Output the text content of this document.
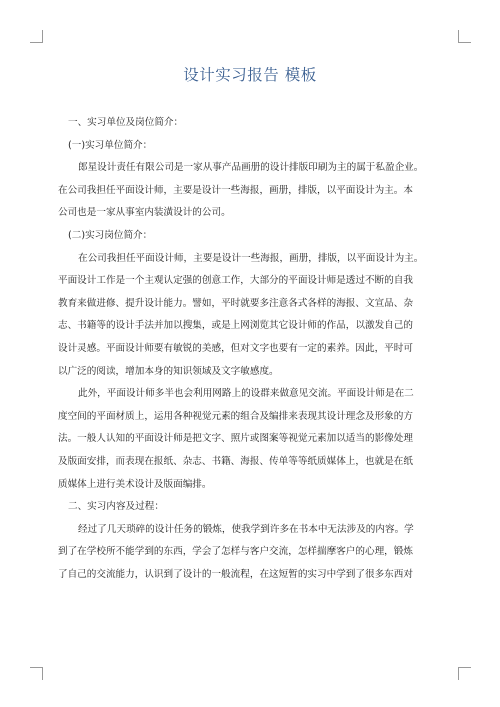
设计实习报告 模板
一、实习单位及岗位简介：
(一)实习单位简介：
郎星设计责任有限公司是一家从事产品画册的设计排版印刷为主的属于私盈企业。
在公司我担任平面设计师，主要是设计一些海报，画册，排版，以平面设计为主。本
公司也是一家从事室内装潢设计的公司。
(二)实习岗位简介：
在公司我担任平面设计师，主要是设计一些海报，画册，排版，以平面设计为主。
平面设计工作是一个主观认定强的创意工作，大部分的平面设计师是透过不断的自我
教育来做进修、提升设计能力。譬如，平时就要多注意各式各样的海报、文宣品、杂
志、书籍等的设计手法并加以搜集，或是上网浏览其它设计师的作品，以激发自己的
设计灵感。平面设计师要有敏锐的美感，但对文字也要有一定的素养。因此，平时可
以广泛的阅读，增加本身的知识领域及文字敏感度。
此外，平面设计师多半也会利用网路上的设群来做意见交流。平面设计师是在二
度空间的平面材质上，运用各种视觉元素的组合及编排来表现其设计理念及形象的方
法。一般人认知的平面设计师是把文字、照片或图案等视觉元素加以适当的影像处理
及版面安排，而表现在报纸、杂志、书籍、海报、传单等等纸质媒体上，也就是在纸
质媒体上进行美术设计及版面编排。
二、实习内容及过程：
经过了几天琐碎的设计任务的锻炼，使我学到许多在书本中无法涉及的内容。学
到了在学校所不能学到的东西，学会了怎样与客户交流，怎样揣摩客户的心理，锻炼
了自己的交流能力，认识到了设计的一般流程，在这短暂的实习中学到了很多东西对
